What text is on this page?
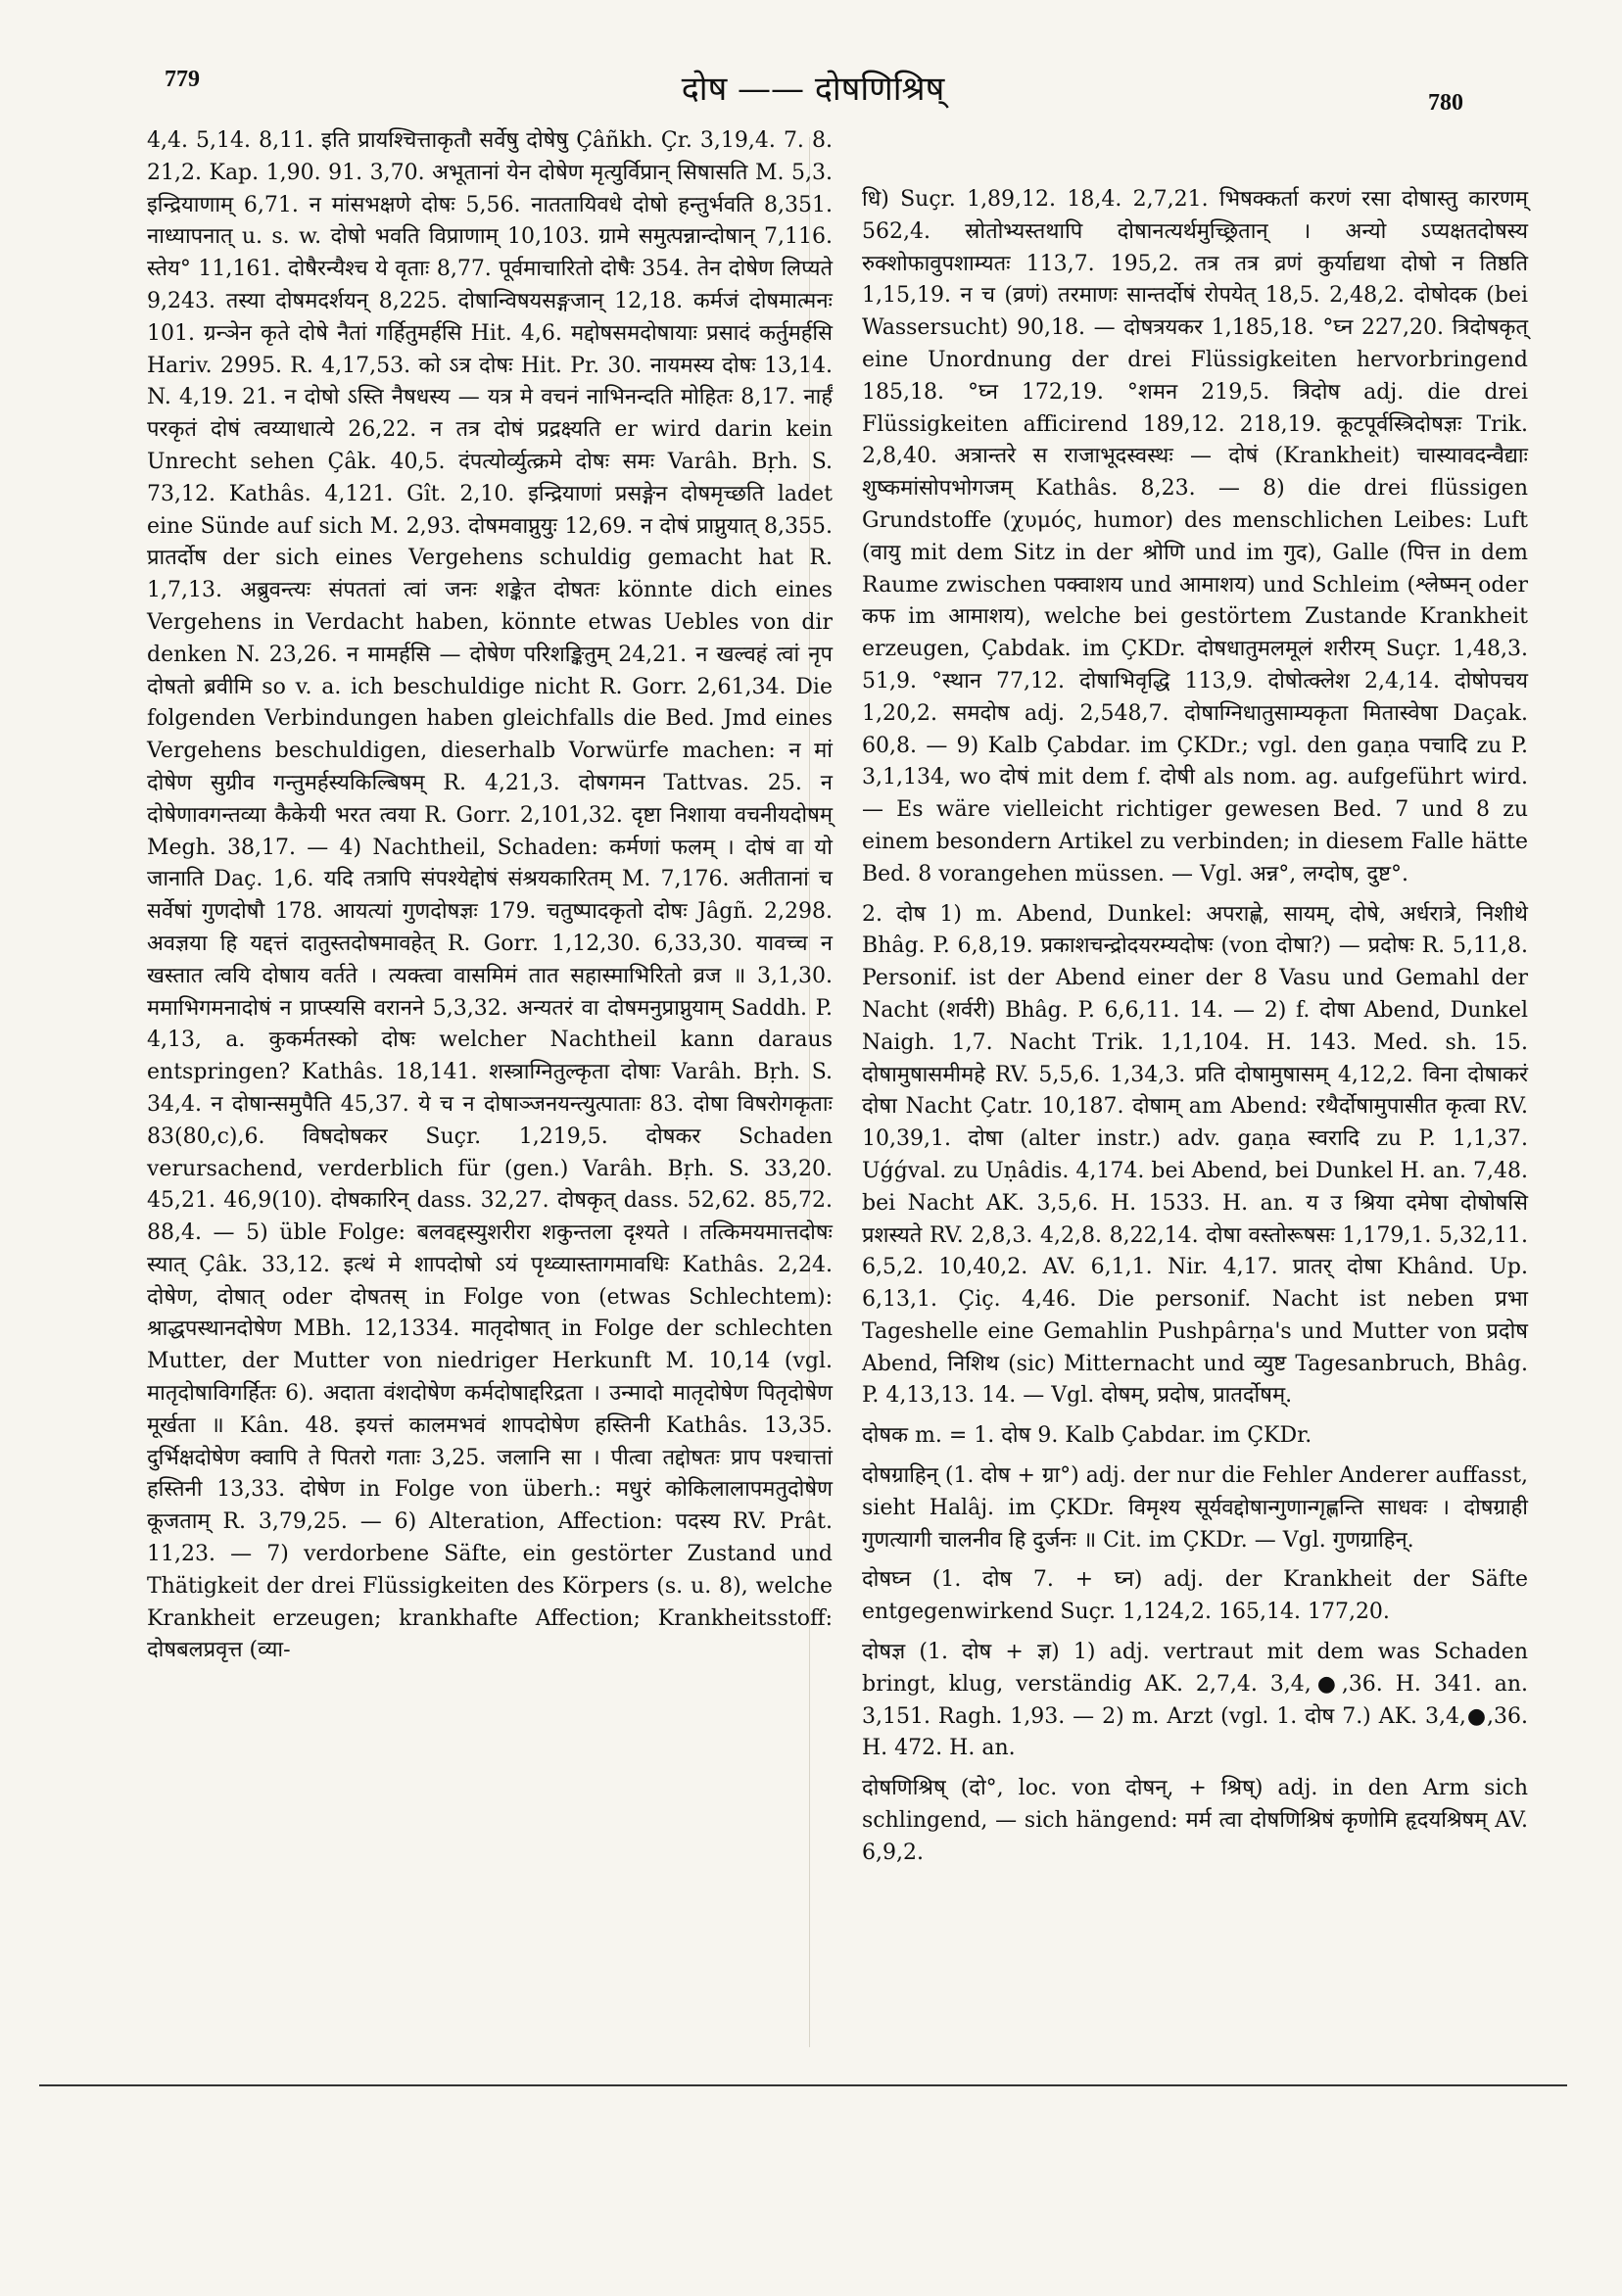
779	दोष —— दोषणिश्रिष्	780

4,4. 5,14. 8,11. इति प्रायश्चित्ताकृतौ सर्वेषु दोषेषु Çâñkh. Çr. 3,19,4. 7. 8. 21,2. Kap. 1,90. 91. 3,70. अभूतानां येन दोषेण मृत्युर्विप्रान् सिषासति M. 5,3. इन्द्रियाणाम् 6,71. न मांसभक्षणे दोषः 5,56. नाततायिवधे दोषो हन्तुर्भवति 8,351. नाध्यापनात् u. s. w. दोषो भवति विप्राणाम् 10,103. ग्रामे समुत्पन्नान्दोषान् 7,116. स्तेय° 11,161. दोषैरन्यैश्च ये वृताः 8,77. पूर्वमाचारितो दोषैः 354. तेन दोषेण लिप्यते 9,243. तस्या दोषमदर्शयन् 8,225. दोषान्विषयसङ्गजान् 12,18. कर्मजं दोषमात्मनः 101. ग्रन्ञेन कृते दोषे नैतां गर्हितुमर्हसि Hit. 4,6. मद्दोषसमदोषायाः प्रसादं कर्तुमर्हसि Hariv. 2995. R. 4,17,53. को ऽत्र दोषः Hit. Pr. 30. नायमस्य दोषः 13,14. N. 4,19. 21. न दोषो ऽस्ति नैषधस्य — यत्र मे वचनं नाभिनन्दति मोहितः 8,17. नार्हं परकृतं दोषं त्वय्याधात्ये 26,22. न तत्र दोषं प्रद्रक्ष्यति er wird darin kein Unrecht sehen Çâk. 40,5. दंपत्योर्व्युत्क्रमे दोषः समः Varâh. Bṛh. S. 73,12. Kathâs. 4,121. Gît. 2,10. इन्द्रियाणां प्रसङ्गेन दोषमृच्छति ladet eine Sünde auf sich M. 2,93. दोषमवाप्नुयुः 12,69. न दोषं प्राप्नुयात् 8,355. प्रातर्दोष der sich eines Vergehens schuldig gemacht hat R. 1,7,13. अब्रुवन्त्यः संपततां त्वां जनः शङ्केत दोषतः könnte dich eines Vergehens in Verdacht haben, könnte etwas Uebles von dir denken N. 23,26. न मामर्हसि — दोषेण परिशङ्कितुम् 24,21. न खल्वहं त्वां नृप दोषतो ब्रवीमि so v. a. ich beschuldige nicht R. Gorr. 2,61,34. Die folgenden Verbindungen haben gleichfalls die Bed. Jmd eines Vergehens beschuldigen, dieserhalb Vorwürfe machen: न मां दोषेण सुग्रीव गन्तुमर्हस्यकिल्बिषम् R. 4,21,3. दोषगमन Tattvas. 25. न दोषेणावगन्तव्या कैकेयी भरत त्वया R. Gorr. 2,101,32. दृष्टा निशाया वचनीयदोषम् Megh. 38,17. — 4) Nachtheil, Schaden: कर्मणां फलम् । दोषं वा यो जानाति Daç. 1,6. यदि तत्रापि संपश्येद्दोषं संश्रयकारितम् M. 7,176. अतीतानां च सर्वेषां गुणदोषौ 178. आयत्यां गुणदोषज्ञः 179. चतुष्पादकृतो दोषः Jâgñ. 2,298. अवज्ञया हि यद्दत्तं दातुस्तदोषमावहेत् R. Gorr. 1,12,30. 6,33,30. यावच्च न खस्तात त्वयि दोषाय वर्तते । त्यक्त्वा वासमिमं तात सहास्माभिरितो व्रज ॥ 3,1,30. ममाभिगमनादोषं न प्राप्स्यसि वरानने 5,3,32. अन्यतरं वा दोषमनुप्राप्नुयाम् Saddh. P. 4,13, a. कुकर्मतस्को दोषः welcher Nachtheil kann daraus entspringen? Kathâs. 18,141. शस्त्राग्नितुल्कृता दोषाः Varâh. Bṛh. S. 34,4. न दोषान्समुपैति 45,37. ये च न दोषाञ्जनयन्त्युत्पाताः 83. दोषा विषरोगकृताः 83(80,c),6. विषदोषकर Suçr. 1,219,5. दोषकर Schaden verursachend, verderblich für (gen.) Varâh. Bṛh. S. 33,20. 45,21. 46,9(10). दोषकारिन् dass. 32,27. दोषकृत् dass. 52,62. 85,72. 88,4. — 5) üble Folge: बलवद्दस्युशरीरा शकुन्तला दृश्यते । तत्किमयमात्तदोषः स्यात् Çâk. 33,12. इत्थं मे शापदोषो ऽयं पृथ्व्यास्तागमावधिः Kathâs. 2,24. दोषेण, दोषात् oder दोषतस् in Folge von (etwas Schlechtem): श्राद्धपस्थानदोषेण MBh. 12,1334. मातृदोषात् in Folge der schlechten Mutter, der Mutter von niedriger Herkunft M. 10,14 (vgl. मातृदोषाविगर्हितः 6). अदाता वंशदोषेण कर्मदोषाद्दरिद्रता । उन्मादो मातृदोषेण पितृदोषेण मूर्खता ॥ Kân. 48. इयत्तं कालमभवं शापदोषेण हस्तिनी Kathâs. 13,35. दुर्भिक्षदोषेण क्वापि ते पितरो गताः 3,25. जलानि सा । पीत्वा तद्दोषतः प्राप पश्चात्तां हस्तिनी 13,33. दोषेण in Folge von überh.: मधुरं कोकिलालापमतुदोषेण कूजताम् R. 3,79,25. — 6) Alteration, Affection: पदस्य RV. Prât. 11,23. — 7) verdorbene Säfte, ein gestörter Zustand und Thätigkeit der drei Flüssigkeiten des Körpers (s. u. 8), welche Krankheit erzeugen; krankhafte Affection; Krankheitsstoff: दोषबलप्रवृत्त (व्या-

धि) Suçr. 1,89,12. 18,4. 2,7,21. भिषक्कर्ता करणं रसा दोषास्तु कारणम् 562,4. स्रोतोभ्यस्तथापि दोषानत्यर्थमुच्छ्रितान् । अन्यो ऽप्यक्षतदोषस्य रुक्शोफावुपशाम्यतः 113,7. 195,2. तत्र तत्र व्रणं कुर्याद्यथा दोषो न तिष्ठति 1,15,19. न च (व्रणं) तरमाणः सान्तर्दोषं रोपयेत् 18,5. 2,48,2. दोषोदक (bei Wassersucht) 90,18. — दोषत्रयकर 1,185,18. °घ्न 227,20. त्रिदोषकृत् eine Unordnung der drei Flüssigkeiten hervorbringend 185,18. °घ्न 172,19. °शमन 219,5. त्रिदोष adj. die drei Flüssigkeiten afficirend 189,12. 218,19. कूटपूर्वस्त्रिदोषज्ञः Trik. 2,8,40. अत्रान्तरे स राजाभूदस्वस्थः — दोषं (Krankheit) चास्यावदन्वैद्याः शुष्कमांसोपभोगजम् Kathâs. 8,23. — 8) die drei flüssigen Grundstoffe (χυμός, humor) des menschlichen Leibes: Luft (वायु mit dem Sitz in der श्रोणि und im गुद), Galle (पित्त in dem Raume zwischen पक्वाशय und आमाशय) und Schleim (श्लेष्मन् oder कफ im आमाशय), welche bei gestörtem Zustande Krankheit erzeugen, Çabdak. im ÇKDr. दोषधातुमलमूलं शरीरम् Suçr. 1,48,3. 51,9. °स्थान 77,12. दोषाभिवृद्धि 113,9. दोषोत्क्लेश 2,4,14. दोषोपचय 1,20,2. समदोष adj. 2,548,7. दोषाग्निधातुसाम्यकृता मितास्वेषा Daçak. 60,8. — 9) Kalb Çabdar. im ÇKDr.; vgl. den gaṇa पचादि zu P. 3,1,134, wo दोषं mit dem f. दोषी als nom. ag. aufgeführt wird. — Es wäre vielleicht richtiger gewesen Bed. 7 und 8 zu einem besondern Artikel zu verbinden; in diesem Falle hätte Bed. 8 vorangehen müssen. — Vgl. अन्न°, लग्दोष, दुष्ट°.

2. दोष 1) m. Abend, Dunkel: अपराह्णे, सायम्, दोषे, अर्धरात्रे, निशीथे Bhâg. P. 6,8,19. प्रकाशचन्द्रोदयरम्यदोषः (von दोषा?) — प्रदोषः R. 5,11,8. Personif. ist der Abend einer der 8 Vasu und Gemahl der Nacht (शर्वरी) Bhâg. P. 6,6,11. 14. — 2) f. दोषा Abend, Dunkel Naigh. 1,7. Nacht Trik. 1,1,104. H. 143. Med. sh. 15. दोषामुषासमीमहे RV. 5,5,6. 1,34,3. प्रति दोषामुषासम् 4,12,2. विना दोषाकरं दोषा Nacht Çatr. 10,187. दोषाम् am Abend: रथैर्दोषामुपासीत कृत्वा RV. 10,39,1. दोषा (alter instr.) adv. gaṇa स्वरादि zu P. 1,1,37. Uǵǵval. zu Uṇâdis. 4,174. bei Abend, bei Dunkel H. an. 7,48. bei Nacht AK. 3,5,6. H. 1533. H. an. य उ श्रिया दमेषा दोषोषसि प्रशस्यते RV. 2,8,3. 4,2,8. 8,22,14. दोषा वस्तोरूषसः 1,179,1. 5,32,11. 6,5,2. 10,40,2. AV. 6,1,1. Nir. 4,17. प्रातर् दोषा Khând. Up. 6,13,1. Çiç. 4,46. Die personif. Nacht ist neben प्रभा Tageshelle eine Gemahlin Pushpârṇa's und Mutter von प्रदोष Abend, निशिथ (sic) Mitternacht und व्युष्ट Tagesanbruch, Bhâg. P. 4,13,13. 14. — Vgl. दोषम्, प्रदोष, प्रातर्दोषम्.

दोषक m. = 1. दोष 9. Kalb Çabdar. im ÇKDr.

दोषग्राहिन् (1. दोष + ग्रा°) adj. der nur die Fehler Anderer auffasst, sieht Halâj. im ÇKDr. विमृश्य सूर्यवद्दोषान्गुणान्गृह्णन्ति साधवः । दोषग्राही गुणत्यागी चालनीव हि दुर्जनः ॥ Cit. im ÇKDr. — Vgl. गुणग्राहिन्.

दोषघ्न (1. दोष 7. + घ्न) adj. der Krankheit der Säfte entgegenwirkend Suçr. 1,124,2. 165,14. 177,20.

दोषज्ञ (1. दोष + ज्ञ) 1) adj. vertraut mit dem was Schaden bringt, klug, verständig AK. 2,7,4. 3,4,●,36. H. 341. an. 3,151. Ragh. 1,93. — 2) m. Arzt (vgl. 1. दोष 7.) AK. 3,4,●,36. H. 472. H. an.

दोषणिश्रिष् (दो°, loc. von दोषन्, + श्रिष्) adj. in den Arm sich schlingend, — sich hängend: मर्म त्वा दोषणिश्रिषं कृणोमि हृदयश्रिषम् AV. 6,9,2.
